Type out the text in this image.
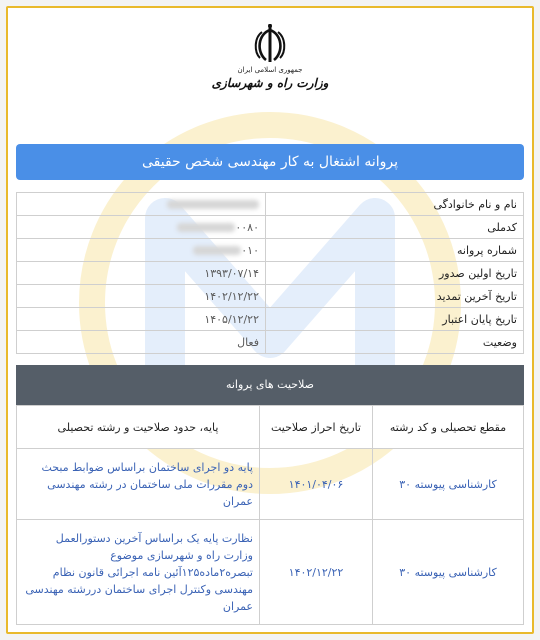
جمهوری اسلامی ایران
وزارت راه و شهرسازی
پروانه اشتغال به کار مهندسی شخص حقیقی
نام و نام خانوادگی	
کدملی	۰۰۸۰
شماره پروانه	۰۱۰
تاریخ اولین صدور	۱۳۹۳/۰۷/۱۴
تاریخ آخرین تمدید	۱۴۰۲/۱۲/۲۲
تاریخ پایان اعتبار	۱۴۰۵/۱۲/۲۲
وضعیت	فعال
صلاحیت های پروانه
مقطع تحصیلی و کد رشته	تاریخ احراز صلاحیت	پایه، حدود صلاحیت و رشته تحصیلی
کارشناسی پیوسته ۳۰	۱۴۰۱/۰۴/۰۶	پایه دو اجرای ساختمان براساس ضوابط مبحث دوم مقررات ملی ساختمان در رشته مهندسی عمران
کارشناسی پیوسته ۳۰	۱۴۰۲/۱۲/۲۲	نظارت پایه یک براساس آخرین دستورالعمل وزارت راه و شهرسازی موضوع تبصره۲ماده۱۲۵آئین نامه اجرائی قانون نظام مهندسی وکنترل اجرای ساختمان دررشته مهندسی عمران
